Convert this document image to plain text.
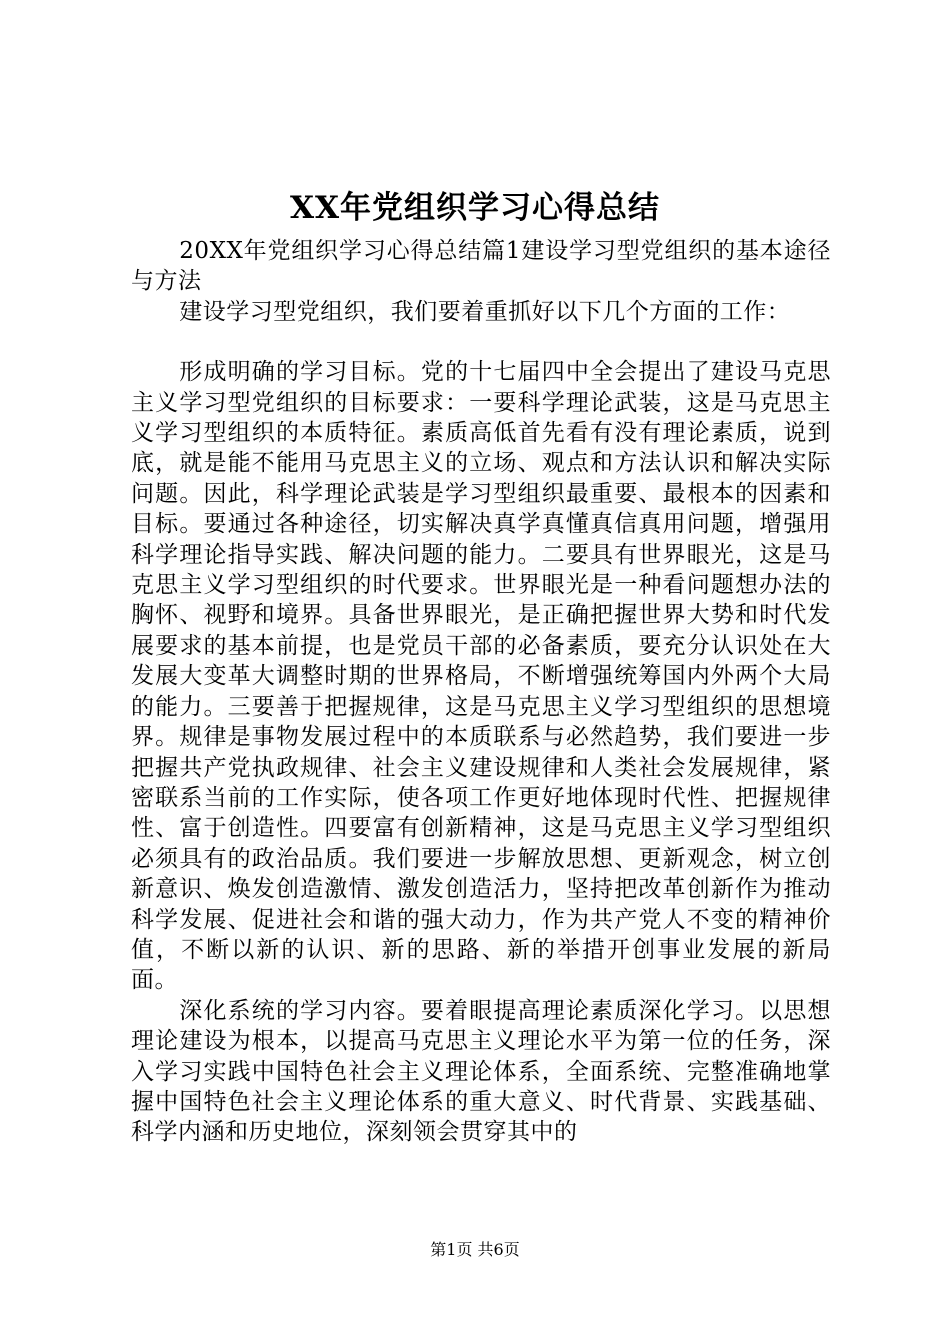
XX年党组织学习心得总结

20XX年党组织学习心得总结篇1建设学习型党组织的基本途径与方法

建设学习型党组织，我们要着重抓好以下几个方面的工作：

形成明确的学习目标。党的十七届四中全会提出了建设马克思主义学习型党组织的目标要求：一要科学理论武装，这是马克思主义学习型组织的本质特征。素质高低首先看有没有理论素质，说到底，就是能不能用马克思主义的立场、观点和方法认识和解决实际问题。因此，科学理论武装是学习型组织最重要、最根本的因素和目标。要通过各种途径，切实解决真学真懂真信真用问题，增强用科学理论指导实践、解决问题的能力。二要具有世界眼光，这是马克思主义学习型组织的时代要求。世界眼光是一种看问题想办法的胸怀、视野和境界。具备世界眼光，是正确把握世界大势和时代发展要求的基本前提，也是党员干部的必备素质，要充分认识处在大发展大变革大调整时期的世界格局，不断增强统筹国内外两个大局的能力。三要善于把握规律，这是马克思主义学习型组织的思想境界。规律是事物发展过程中的本质联系与必然趋势，我们要进一步把握共产党执政规律、社会主义建设规律和人类社会发展规律，紧密联系当前的工作实际，使各项工作更好地体现时代性、把握规律性、富于创造性。四要富有创新精神，这是马克思主义学习型组织必须具有的政治品质。我们要进一步解放思想、更新观念，树立创新意识、焕发创造激情、激发创造活力，坚持把改革创新作为推动科学发展、促进社会和谐的强大动力，作为共产党人不变的精神价值，不断以新的认识、新的思路、新的举措开创事业发展的新局面。

深化系统的学习内容。要着眼提高理论素质深化学习。以思想理论建设为根本，以提高马克思主义理论水平为第一位的任务，深入学习实践中国特色社会主义理论体系，全面系统、完整准确地掌握中国特色社会主义理论体系的重大意义、时代背景、实践基础、科学内涵和历史地位，深刻领会贯穿其中的

第1页 共6页
